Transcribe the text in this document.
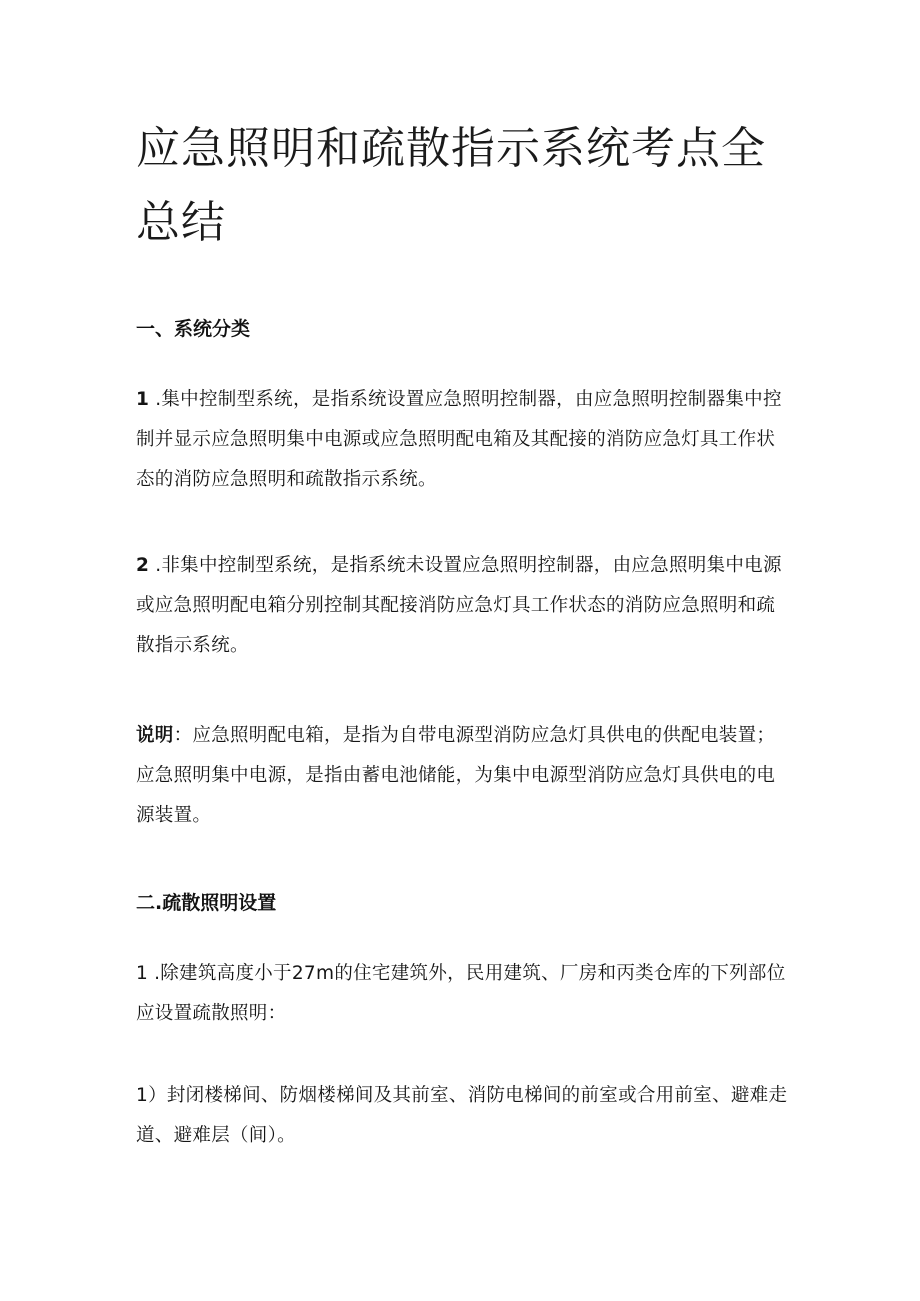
应急照明和疏散指示系统考点全总结
一、系统分类

1 .集中控制型系统，是指系统设置应急照明控制器，由应急照明控制器集中控制并显示应急照明集中电源或应急照明配电箱及其配接的消防应急灯具工作状态的消防应急照明和疏散指示系统。

2 .非集中控制型系统，是指系统未设置应急照明控制器，由应急照明集中电源或应急照明配电箱分别控制其配接消防应急灯具工作状态的消防应急照明和疏散指示系统。

说明：应急照明配电箱，是指为自带电源型消防应急灯具供电的供配电装置；应急照明集中电源，是指由蓄电池储能，为集中电源型消防应急灯具供电的电源装置。

二.疏散照明设置

1 .除建筑高度小于27m的住宅建筑外，民用建筑、厂房和丙类仓库的下列部位应设置疏散照明：

1）封闭楼梯间、防烟楼梯间及其前室、消防电梯间的前室或合用前室、避难走道、避难层（间）。
